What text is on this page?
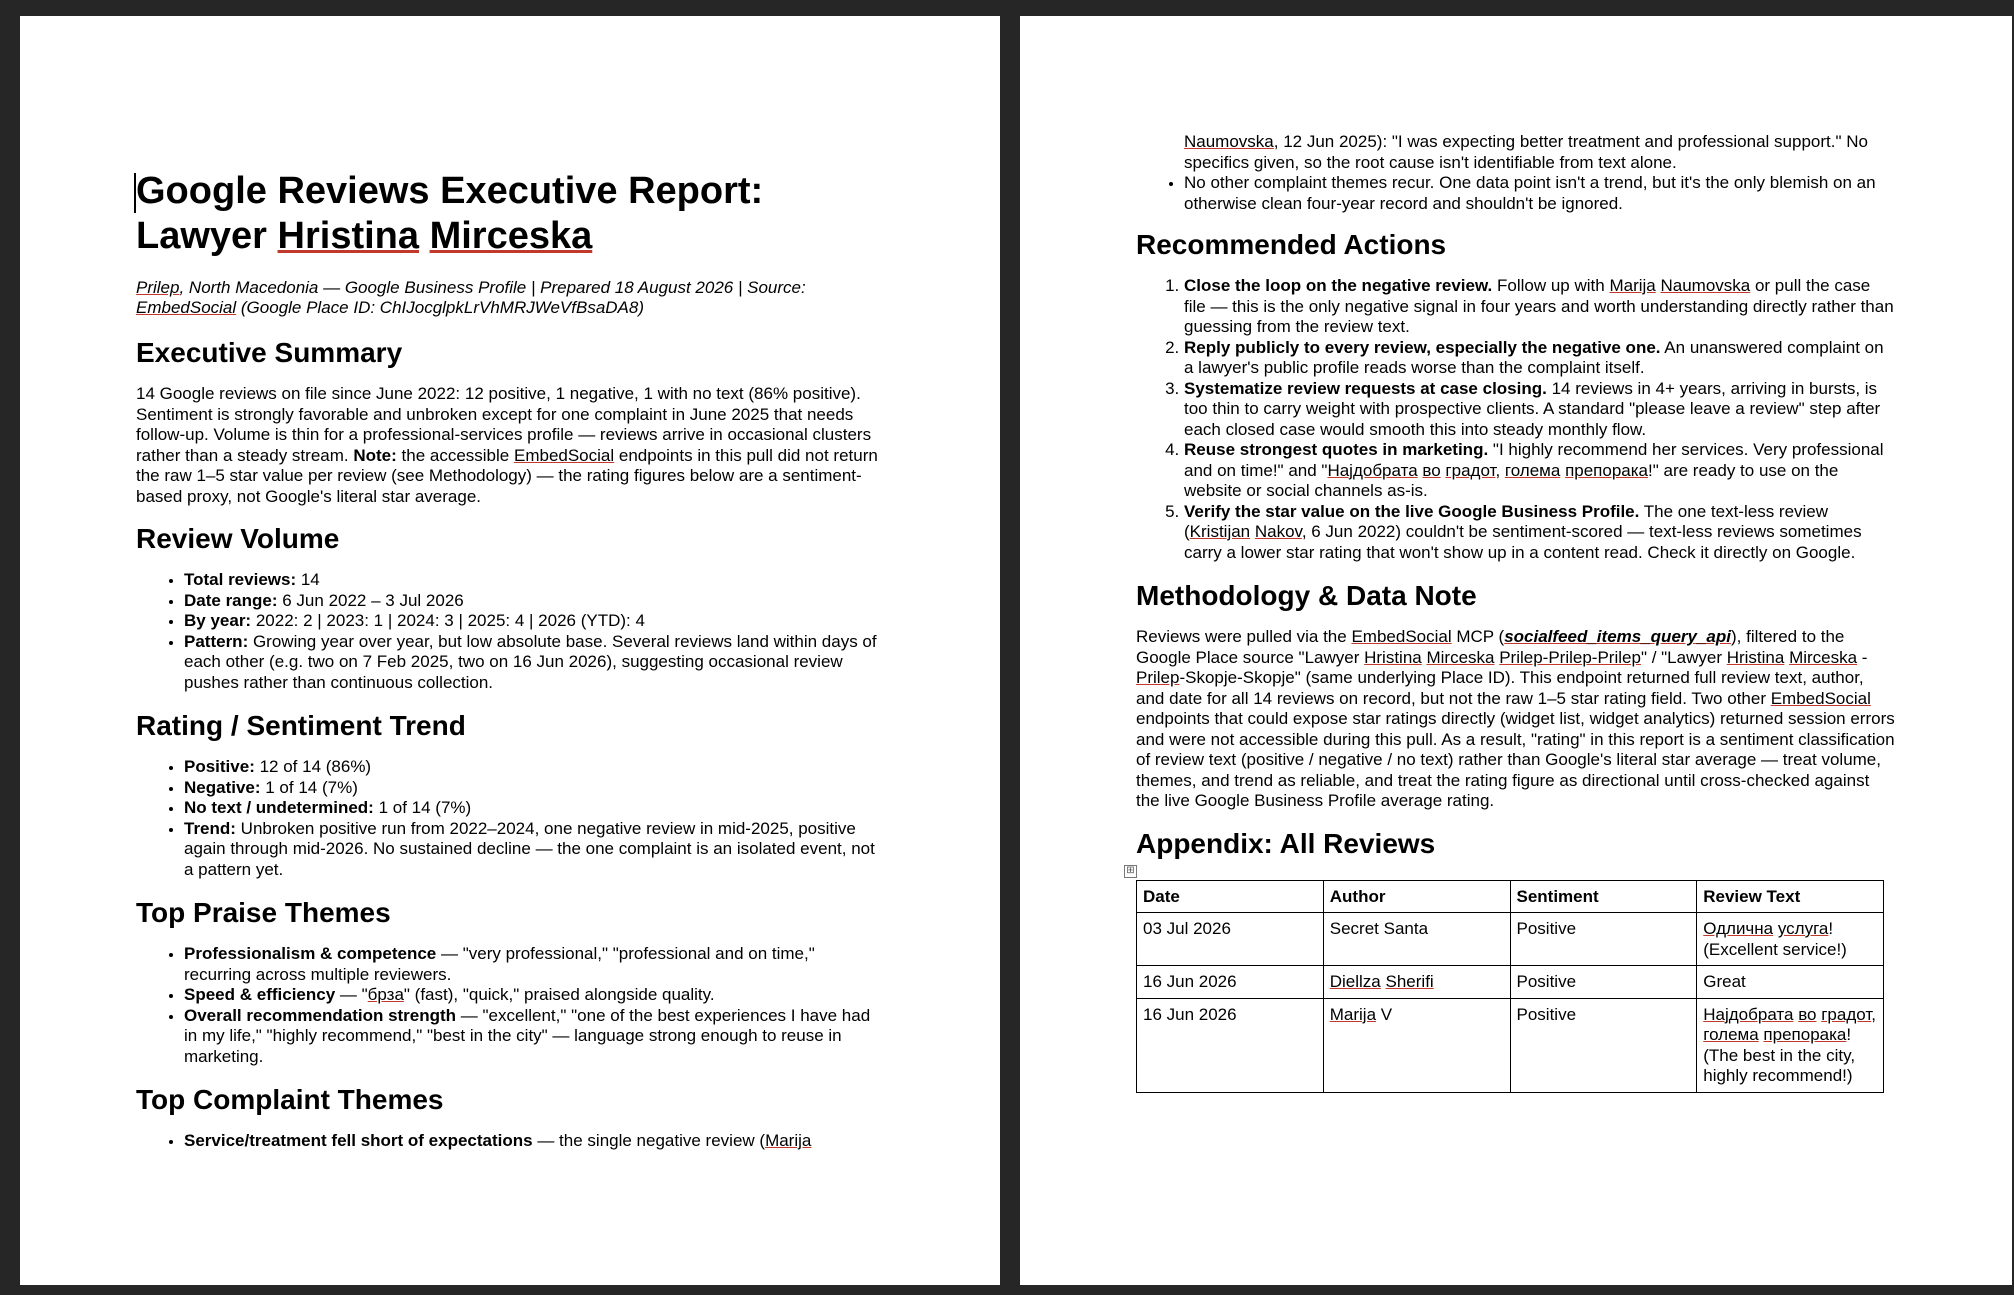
Google Reviews Executive Report:
Lawyer Hristina Mirceska

Prilep, North Macedonia — Google Business Profile | Prepared 18 August 2026 | Source: EmbedSocial (Google Place ID: ChIJocglpkLrVhMRJWeVfBsaDA8)

Executive Summary

14 Google reviews on file since June 2022: 12 positive, 1 negative, 1 with no text (86% positive). Sentiment is strongly favorable and unbroken except for one complaint in June 2025 that needs follow-up. Volume is thin for a professional-services profile — reviews arrive in occasional clusters rather than a steady stream. Note: the accessible EmbedSocial endpoints in this pull did not return the raw 1–5 star value per review (see Methodology) — the rating figures below are a sentiment-based proxy, not Google's literal star average.

Review Volume
• Total reviews: 14
• Date range: 6 Jun 2022 – 3 Jul 2026
• By year: 2022: 2 | 2023: 1 | 2024: 3 | 2025: 4 | 2026 (YTD): 4
• Pattern: Growing year over year, but low absolute base. Several reviews land within days of each other (e.g. two on 7 Feb 2025, two on 16 Jun 2026), suggesting occasional review pushes rather than continuous collection.
Rating / Sentiment Trend
• Positive: 12 of 14 (86%)
• Negative: 1 of 14 (7%)
• No text / undetermined: 1 of 14 (7%)
• Trend: Unbroken positive run from 2022–2024, one negative review in mid-2025, positive again through mid-2026. No sustained decline — the one complaint is an isolated event, not a pattern yet.
Top Praise Themes
• Professionalism & competence — "very professional," "professional and on time," recurring across multiple reviewers.
• Speed & efficiency — "брза" (fast), "quick," praised alongside quality.
• Overall recommendation strength — "excellent," "one of the best experiences I have had in my life," "highly recommend," "best in the city" — language strong enough to reuse in marketing.
Top Complaint Themes
• Service/treatment fell short of expectations — the single negative review (Marija
Naumovska, 12 Jun 2025): "I was expecting better treatment and professional support." No specifics given, so the root cause isn't identifiable from text alone.
• No other complaint themes recur. One data point isn't a trend, but it's the only blemish on an otherwise clean four-year record and shouldn't be ignored.
Recommended Actions
1. Close the loop on the negative review. Follow up with Marija Naumovska or pull the case file — this is the only negative signal in four years and worth understanding directly rather than guessing from the review text.
2. Reply publicly to every review, especially the negative one. An unanswered complaint on a lawyer's public profile reads worse than the complaint itself.
3. Systematize review requests at case closing. 14 reviews in 4+ years, arriving in bursts, is too thin to carry weight with prospective clients. A standard "please leave a review" step after each closed case would smooth this into steady monthly flow.
4. Reuse strongest quotes in marketing. "I highly recommend her services. Very professional and on time!" and "Најдобрата во градот, голема препорака!" are ready to use on the website or social channels as-is.
5. Verify the star value on the live Google Business Profile. The one text-less review (Kristijan Nakov, 6 Jun 2022) couldn't be sentiment-scored — text-less reviews sometimes carry a lower star rating that won't show up in a content read. Check it directly on Google.
Methodology & Data Note

Reviews were pulled via the EmbedSocial MCP (socialfeed_items_query_api), filtered to the Google Place source "Lawyer Hristina Mirceska Prilep-Prilep-Prilep" / "Lawyer Hristina Mirceska - Prilep-Skopje-Skopje" (same underlying Place ID). This endpoint returned full review text, author, and date for all 14 reviews on record, but not the raw 1–5 star rating field. Two other EmbedSocial endpoints that could expose star ratings directly (widget list, widget analytics) returned session errors and were not accessible during this pull. As a result, "rating" in this report is a sentiment classification of review text (positive / negative / no text) rather than Google's literal star average — treat volume, themes, and trend as reliable, and treat the rating figure as directional until cross-checked against the live Google Business Profile average rating.

Appendix: All Reviews
⊞
Date	Author	Sentiment	Review Text
03 Jul 2026	Secret Santa	Positive	Одлична услуга! (Excellent service!)
16 Jun 2026	Diellza Sherifi	Positive	Great
16 Jun 2026	Marija V	Positive	Најдобрата во градот, голема препорака! (The best in the city, highly recommend!)
